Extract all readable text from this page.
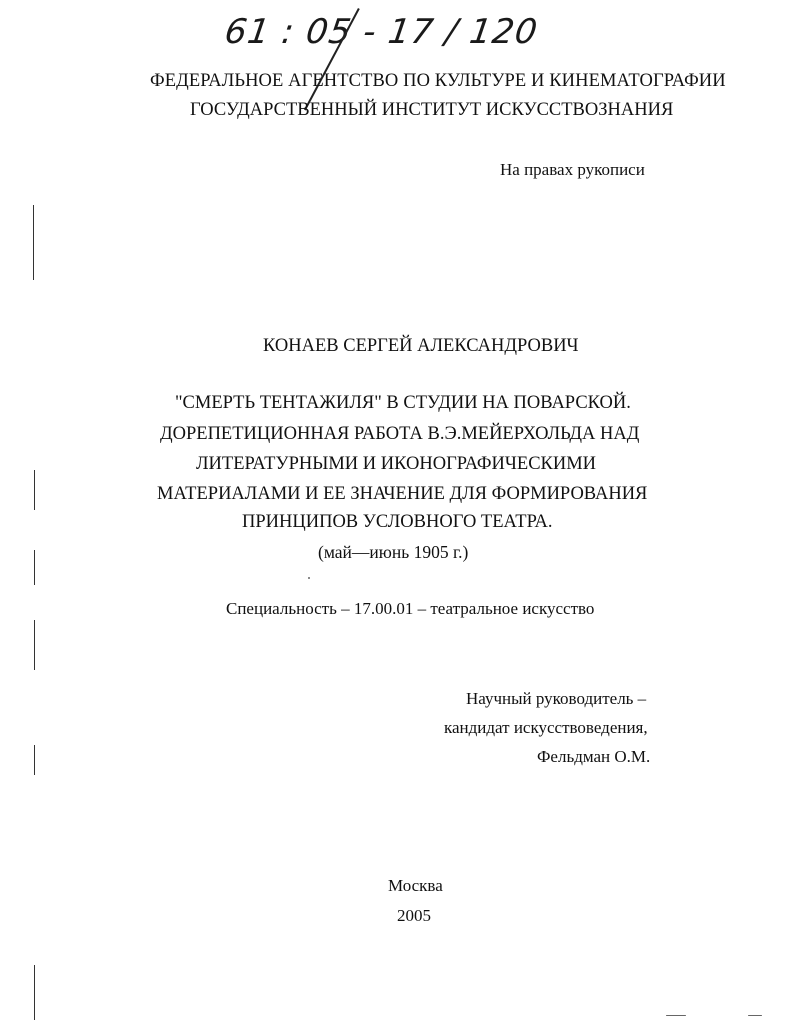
61 : 05 - 17 / 120
ФЕДЕРАЛЬНОЕ АГЕНТСТВО ПО КУЛЬТУРЕ И КИНЕМАТОГРАФИИ
ГОСУДАРСТВЕННЫЙ ИНСТИТУТ ИСКУССТВОЗНАНИЯ
На правах рукописи
КОНАЕВ СЕРГЕЙ АЛЕКСАНДРОВИЧ
"СМЕРТЬ ТЕНТАЖИЛЯ" В СТУДИИ НА ПОВАРСКОЙ.
ДОРЕПЕТИЦИОННАЯ РАБОТА В.Э.МЕЙЕРХОЛЬДА НАД
ЛИТЕРАТУРНЫМИ И ИКОНОГРАФИЧЕСКИМИ
МАТЕРИАЛАМИ И ЕЕ ЗНАЧЕНИЕ ДЛЯ ФОРМИРОВАНИЯ
ПРИНЦИПОВ УСЛОВНОГО ТЕАТРА.
(май—июнь 1905 г.)
Специальность – 17.00.01 – театральное искусство
Научный руководитель –
кандидат искусствоведения,
Фельдман О.М.
Москва
2005
